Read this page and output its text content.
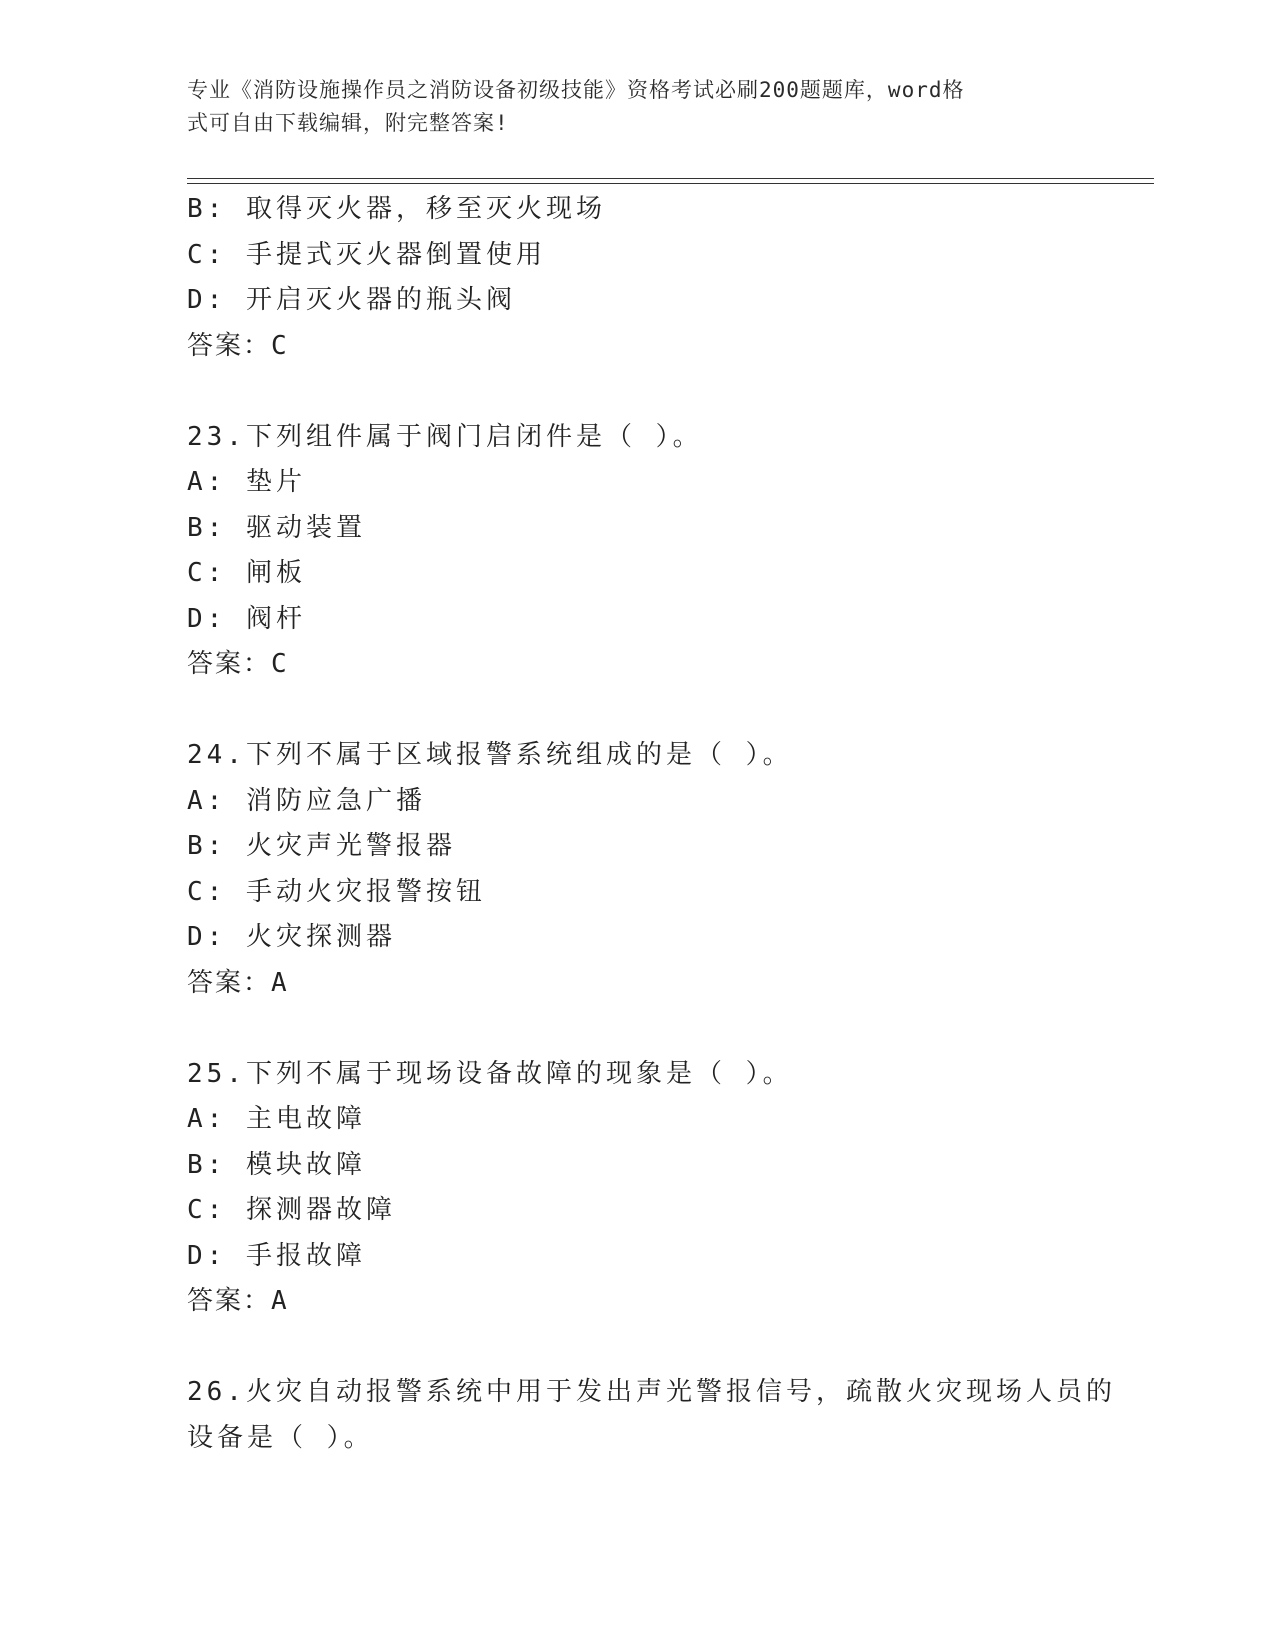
专业《消防设施操作员之消防设备初级技能》资格考试必刷200题题库，word格
式可自由下载编辑，附完整答案!
B: 取得灭火器，移至灭火现场
C: 手提式灭火器倒置使用
D: 开启灭火器的瓶头阀
答案：C
23.下列组件属于阀门启闭件是（ ）。
A: 垫片
B: 驱动装置
C: 闸板
D: 阀杆
答案：C
24.下列不属于区域报警系统组成的是（ ）。
A: 消防应急广播
B: 火灾声光警报器
C: 手动火灾报警按钮
D: 火灾探测器
答案：A
25.下列不属于现场设备故障的现象是（ ）。
A: 主电故障
B: 模块故障
C: 探测器故障
D: 手报故障
答案：A
26.火灾自动报警系统中用于发出声光警报信号，疏散火灾现场人员的
设备是（ ）。
